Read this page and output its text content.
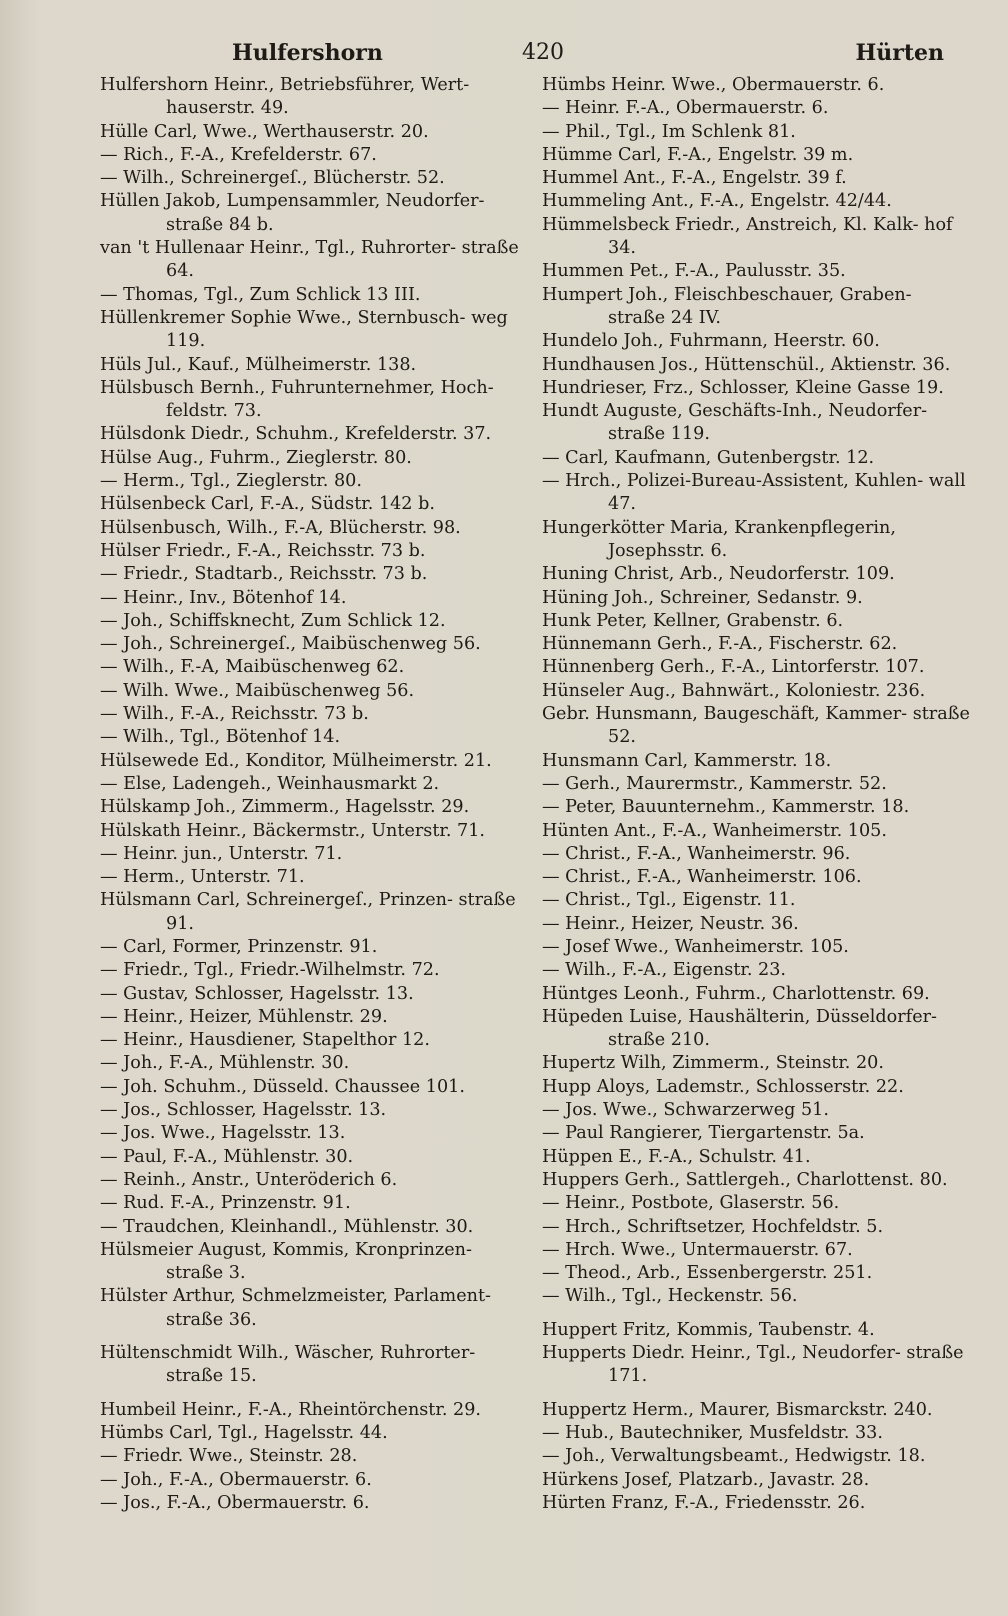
Hulfershorn	420	Hürten
Hulfershorn Heinr., Betriebsführer, Wert- hauserstr. 49.
Hülle Carl, Wwe., Werthauserstr. 20.
— Rich., F.-A., Krefelderstr. 67.
— Wilh., Schreinergeſ., Blücherstr. 52.
Hüllen Jakob, Lumpensammler, Neudorfer- straße 84 b.
van 't Hullenaar Heinr., Tgl., Ruhrorter- straße 64.
— Thomas, Tgl., Zum Schlick 13 III.
Hüllenkremer Sophie Wwe., Sternbusch- weg 119.
Hüls Jul., Kauf., Mülheimerstr. 138.
Hülsbusch Bernh., Fuhrunternehmer, Hoch- feldstr. 73.
Hülsdonk Diedr., Schuhm., Krefelderstr. 37.
Hülse Aug., Fuhrm., Zieglerstr. 80.
— Herm., Tgl., Zieglerstr. 80.
Hülsenbeck Carl, F.-A., Südstr. 142 b.
Hülsenbusch, Wilh., F.-A, Blücherstr. 98.
Hülser Friedr., F.-A., Reichsstr. 73 b.
— Friedr., Stadtarb., Reichsstr. 73 b.
— Heinr., Inv., Bötenhof 14.
— Joh., Schiffsknecht, Zum Schlick 12.
— Joh., Schreinergeſ., Maibüschenweg 56.
— Wilh., F.-A, Maibüschenweg 62.
— Wilh. Wwe., Maibüschenweg 56.
— Wilh., F.-A., Reichsstr. 73 b.
— Wilh., Tgl., Bötenhof 14.
Hülsewede Ed., Konditor, Mülheimerstr. 21.
— Else, Ladengeh., Weinhausmarkt 2.
Hülskamp Joh., Zimmerm., Hagelsstr. 29.
Hülskath Heinr., Bäckermstr., Unterstr. 71.
— Heinr. jun., Unterstr. 71.
— Herm., Unterstr. 71.
Hülsmann Carl, Schreinergeſ., Prinzen- straße 91.
— Carl, Former, Prinzenstr. 91.
— Friedr., Tgl., Friedr.-Wilhelmstr. 72.
— Gustav, Schlosser, Hagelsstr. 13.
— Heinr., Heizer, Mühlenstr. 29.
— Heinr., Hausdiener, Stapelthor 12.
— Joh., F.-A., Mühlenstr. 30.
— Joh. Schuhm., Düsseld. Chaussee 101.
— Jos., Schlosser, Hagelsstr. 13.
— Jos. Wwe., Hagelsstr. 13.
— Paul, F.-A., Mühlenstr. 30.
— Reinh., Anstr., Unteröderich 6.
— Rud. F.-A., Prinzenstr. 91.
— Traudchen, Kleinhandl., Mühlenstr. 30.
Hülsmeier August, Kommis, Kronprinzen- straße 3.
Hülster Arthur, Schmelzmeister, Parlament- straße 36.
Hültenschmidt Wilh., Wäscher, Ruhrorter- straße 15.
Humbeil Heinr., F.-A., Rheintörchenstr. 29.
Hümbs Carl, Tgl., Hagelsstr. 44.
— Friedr. Wwe., Steinstr. 28.
— Joh., F.-A., Obermauerstr. 6.
— Jos., F.-A., Obermauerstr. 6.
Hümbs Heinr. Wwe., Obermauerstr. 6.
— Heinr. F.-A., Obermauerstr. 6.
— Phil., Tgl., Im Schlenk 81.
Hümme Carl, F.-A., Engelstr. 39 m.
Hummel Ant., F.-A., Engelstr. 39 f.
Hummeling Ant., F.-A., Engelstr. 42/44.
Hümmelsbeck Friedr., Anstreich, Kl. Kalk- hof 34.
Hummen Pet., F.-A., Paulusstr. 35.
Humpert Joh., Fleischbeschauer, Graben- straße 24 IV.
Hundelo Joh., Fuhrmann, Heerstr. 60.
Hundhausen Jos., Hüttenschül., Aktienstr. 36.
Hundrieser, Frz., Schlosser, Kleine Gasse 19.
Hundt Auguste, Geschäfts-Inh., Neudorfer- straße 119.
— Carl, Kaufmann, Gutenbergstr. 12.
— Hrch., Polizei-Bureau-Assistent, Kuhlen- wall 47.
Hungerkötter Maria, Krankenpflegerin, Josephsstr. 6.
Huning Christ, Arb., Neudorferstr. 109.
Hüning Joh., Schreiner, Sedanstr. 9.
Hunk Peter, Kellner, Grabenstr. 6.
Hünnemann Gerh., F.-A., Fischerstr. 62.
Hünnenberg Gerh., F.-A., Lintorferstr. 107.
Hünseler Aug., Bahnwärt., Koloniestr. 236.
Gebr. Hunsmann, Baugeschäft, Kammer- straße 52.
Hunsmann Carl, Kammerstr. 18.
— Gerh., Maurermstr., Kammerstr. 52.
— Peter, Bauunternehm., Kammerstr. 18.
Hünten Ant., F.-A., Wanheimerstr. 105.
— Christ., F.-A., Wanheimerstr. 96.
— Christ., F.-A., Wanheimerstr. 106.
— Christ., Tgl., Eigenstr. 11.
— Heinr., Heizer, Neustr. 36.
— Josef Wwe., Wanheimerstr. 105.
— Wilh., F.-A., Eigenstr. 23.
Hüntges Leonh., Fuhrm., Charlottenstr. 69.
Hüpeden Luise, Haushälterin, Düsseldorfer- straße 210.
Hupertz Wilh, Zimmerm., Steinstr. 20.
Hupp Aloys, Lademstr., Schlosserstr. 22.
— Jos. Wwe., Schwarzerweg 51.
— Paul Rangierer, Tiergartenstr. 5a.
Hüppen E., F.-A., Schulstr. 41.
Huppers Gerh., Sattlergeh., Charlottenst. 80.
— Heinr., Postbote, Glaserstr. 56.
— Hrch., Schriftsetzer, Hochfeldstr. 5.
— Hrch. Wwe., Untermauerstr. 67.
— Theod., Arb., Essenbergerstr. 251.
— Wilh., Tgl., Heckenstr. 56.
Huppert Fritz, Kommis, Taubenstr. 4.
Hupperts Diedr. Heinr., Tgl., Neudorfer- straße 171.
Huppertz Herm., Maurer, Bismarckstr. 240.
— Hub., Bautechniker, Musfeldstr. 33.
— Joh., Verwaltungsbeamt., Hedwigstr. 18.
Hürkens Josef, Platzarb., Javastr. 28.
Hürten Franz, F.-A., Friedensstr. 26.
